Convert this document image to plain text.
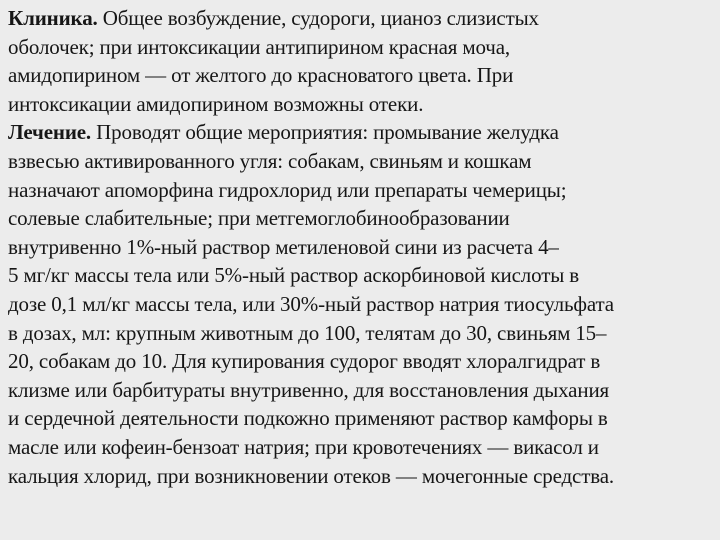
Клиника. Общее возбуждение, судороги, цианоз слизистых
оболочек; при интоксикации антипирином красная моча,
амидопирином — от желтого до красноватого цвета. При
интоксикации амидопирином возможны отеки.
Лечение. Проводят общие мероприятия: промывание желудка
взвесью активированного угля: собакам, свиньям и кошкам
назначают апоморфина гидрохлорид или препараты чемерицы;
солевые слабительные; при метгемоглобинообразовании
внутривенно 1%-ный раствор метиленовой сини из расчета 4–
5 мг/кг массы тела или 5%-ный раствор аскорбиновой кислоты в
дозе 0,1 мл/кг массы тела, или 30%-ный раствор натрия тиосульфата
в дозах, мл: крупным животным до 100, телятам до 30, свиньям 15–
20, собакам до 10. Для купирования судорог вводят хлоралгидрат в
клизме или барбитураты внутривенно, для восстановления дыхания
и сердечной деятельности подкожно применяют раствор камфоры в
масле или кофеин-бензоат натрия; при кровотечениях — викасол и
кальция хлорид, при возникновении отеков — мочегонные средства.
